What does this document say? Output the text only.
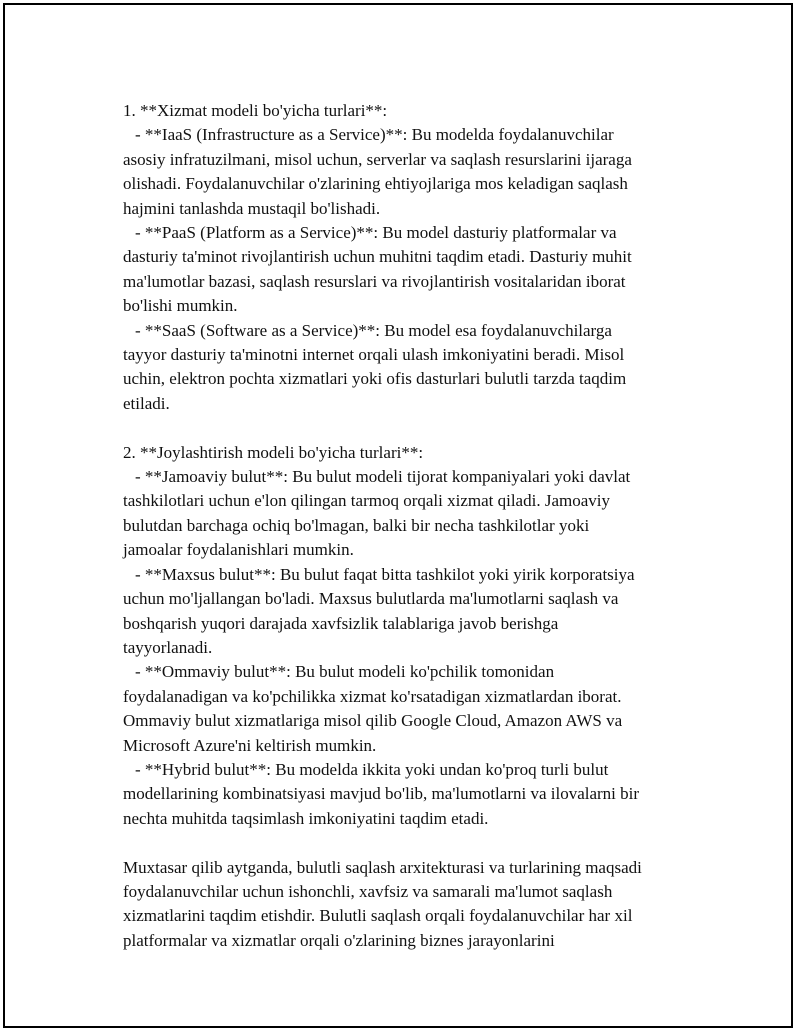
1. **Xizmat modeli bo'yicha turlari**:

- **IaaS (Infrastructure as a Service)**: Bu modelda foydalanuvchilar

asosiy infratuzilmani, misol uchun, serverlar va saqlash resurslarini ijaraga

olishadi. Foydalanuvchilar o'zlarining ehtiyojlariga mos keladigan saqlash

hajmini tanlashda mustaqil bo'lishadi.

- **PaaS (Platform as a Service)**: Bu model dasturiy platformalar va

dasturiy ta'minot rivojlantirish uchun muhitni taqdim etadi. Dasturiy muhit

ma'lumotlar bazasi, saqlash resurslari va rivojlantirish vositalaridan iborat

bo'lishi mumkin.

- **SaaS (Software as a Service)**: Bu model esa foydalanuvchilarga

tayyor dasturiy ta'minotni internet orqali ulash imkoniyatini beradi. Misol

uchin, elektron pochta xizmatlari yoki ofis dasturlari bulutli tarzda taqdim

etiladi.

2. **Joylashtirish modeli bo'yicha turlari**:

- **Jamoaviy bulut**: Bu bulut modeli tijorat kompaniyalari yoki davlat

tashkilotlari uchun e'lon qilingan tarmoq orqali xizmat qiladi. Jamoaviy

bulutdan barchaga ochiq bo'lmagan, balki bir necha tashkilotlar yoki

jamoalar foydalanishlari mumkin.

- **Maxsus bulut**: Bu bulut faqat bitta tashkilot yoki yirik korporatsiya

uchun mo'ljallangan bo'ladi. Maxsus bulutlarda ma'lumotlarni saqlash va

boshqarish yuqori darajada xavfsizlik talablariga javob berishga

tayyorlanadi.

- **Ommaviy bulut**: Bu bulut modeli ko'pchilik tomonidan

foydalanadigan va ko'pchilikka xizmat ko'rsatadigan xizmatlardan iborat.

Ommaviy bulut xizmatlariga misol qilib Google Cloud, Amazon AWS va

Microsoft Azure'ni keltirish mumkin.

- **Hybrid bulut**: Bu modelda ikkita yoki undan ko'proq turli bulut

modellarining kombinatsiyasi mavjud bo'lib, ma'lumotlarni va ilovalarni bir

nechta muhitda taqsimlash imkoniyatini taqdim etadi.

Muxtasar qilib aytganda, bulutli saqlash arxitekturasi va turlarining maqsadi

foydalanuvchilar uchun ishonchli, xavfsiz va samarali ma'lumot saqlash

xizmatlarini taqdim etishdir. Bulutli saqlash orqali foydalanuvchilar har xil

platformalar va xizmatlar orqali o'zlarining biznes jarayonlarini
